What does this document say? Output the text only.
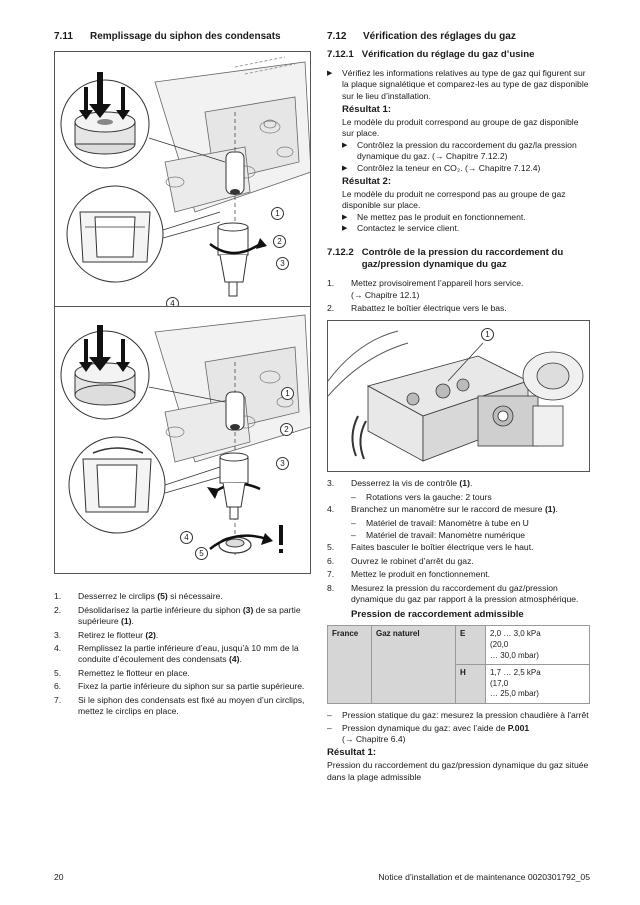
7.11	Remplissage du siphon des condensats
1
2
3
4
1
2
3
4
5
1.	Desserrez le circlips (5) si nécessaire.
2.	Désolidarisez la partie inférieure du siphon (3) de sa partie supérieure (1).
3.	Retirez le flotteur (2).
4.	Remplissez la partie inférieure d’eau, jusqu’à 10 mm de la conduite d’écoulement des condensats (4).
5.	Remettez le flotteur en place.
6.	Fixez la partie inférieure du siphon sur sa partie supérieure.
7.	Si le siphon des condensats est fixé au moyen d’un circlips, mettez le circlips en place.
7.12 Vérification des réglages du gaz
7.12.1 Vérification du réglage du gaz d’usine
▶	Vérifiez les informations relatives au type de gaz qui figurent sur la plaque signalétique et comparez-les au type de gaz disponible sur le lieu d’installation.
Résultat 1:
Le modèle du produit correspond au groupe de gaz disponible sur place.
▶	Contrôlez la pression du raccordement du gaz/la pression dynamique du gaz. (→ Chapitre 7.12.2)
▶	Contrôlez la teneur en CO₂. (→ Chapitre 7.12.4)
Résultat 2:
Le modèle du produit ne correspond pas au groupe de gaz disponible sur place.
▶	Ne mettez pas le produit en fonctionnement.
▶	Contactez le service client.
7.12.2 Contrôle de la pression du raccordement du gaz/pression dynamique du gaz
1.	Mettez provisoirement l’appareil hors service.
(→ Chapitre 12.1)
2.	Rabattez le boîtier électrique vers le bas.
1
3.	Desserrez la vis de contrôle (1).
–	Rotations vers la gauche: 2 tours
4.	Branchez un manomètre sur le raccord de mesure (1).
–	Matériel de travail: Manomètre à tube en U
–	Matériel de travail: Manomètre numérique
5.	Faites basculer le boîtier électrique vers le haut.
6.	Ouvrez le robinet d’arrêt du gaz.
7.	Mettez le produit en fonctionnement.
8.	Mesurez la pression du raccordement du gaz/pression dynamique du gaz par rapport à la pression atmosphérique.
Pression de raccordement admissible
France	Gaz naturel	E	2,0 … 3,0 kPa
(20,0
… 30,0 mbar)
		H	1,7 … 2,5 kPa
(17,0
… 25,0 mbar)
–	Pression statique du gaz: mesurez la pression chaudière à l'arrêt
–	Pression dynamique du gaz: avec l’aide de P.001
(→ Chapitre 6.4)
Résultat 1:
Pression du raccordement du gaz/pression dynamique du gaz située dans la plage admissible
20	Notice d’installation et de maintenance 0020301792_05
